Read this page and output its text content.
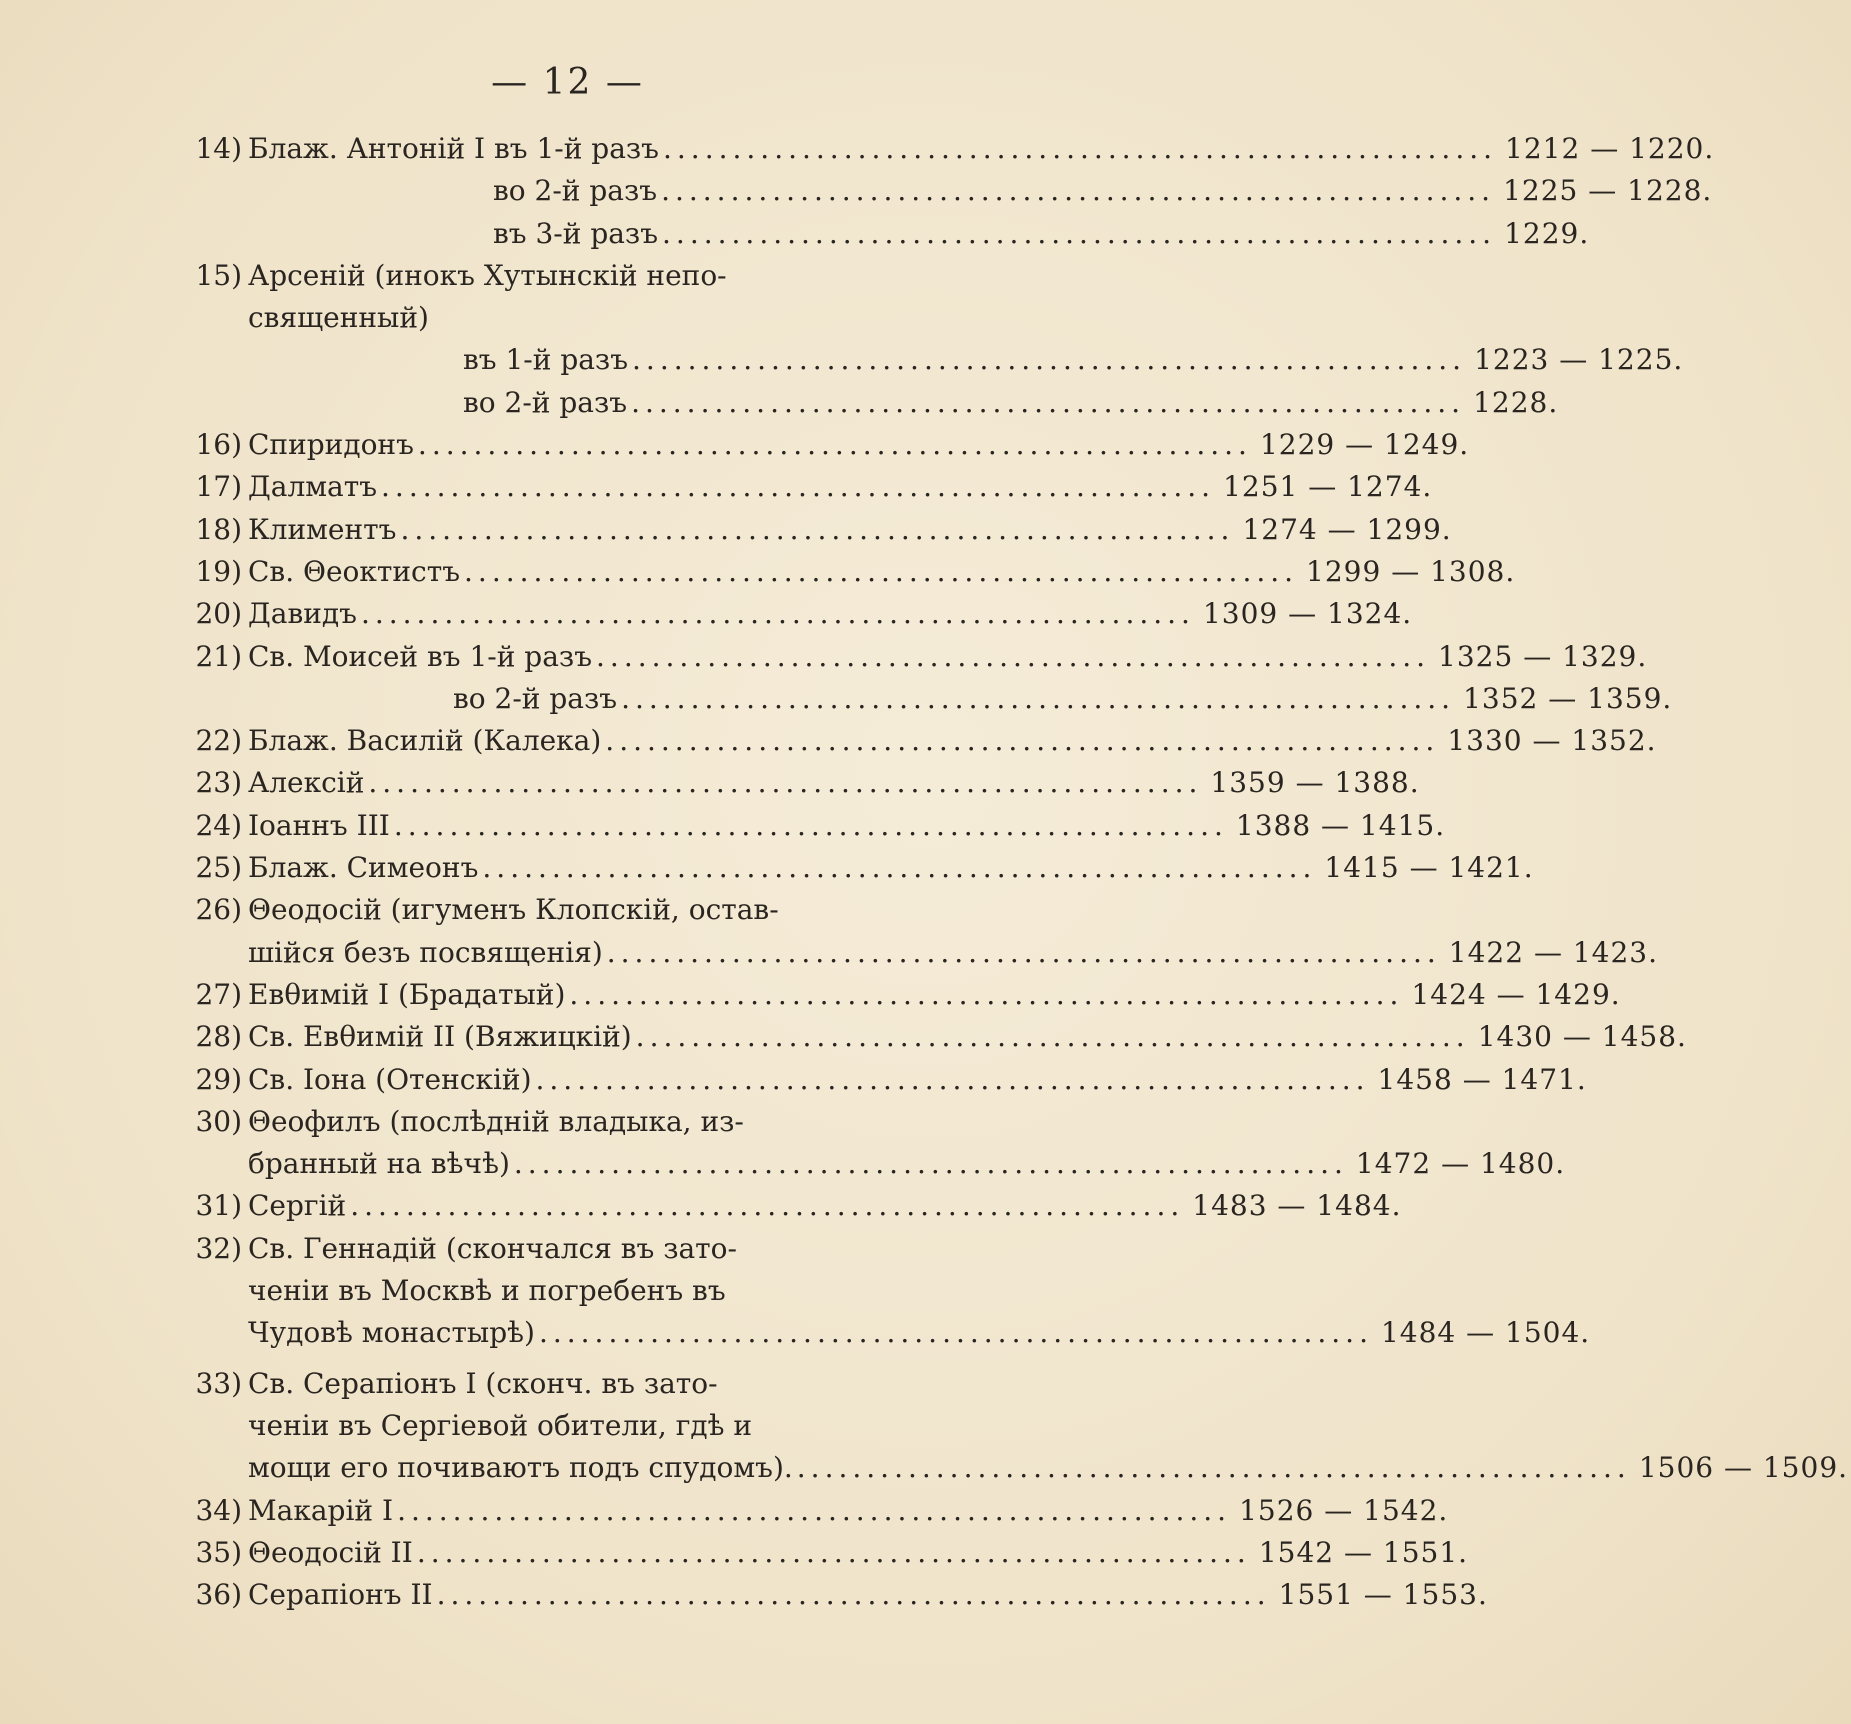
— 12 —
14) Блаж. Антоній I въ 1-й разъ ............................................................ 1212 — 1220.
во 2-й разъ ............................................................ 1225 — 1228.
въ 3-й разъ ............................................................ 1229.
15) Арсеній (инокъ Хутынскій непо-
священный)
въ 1-й разъ ............................................................ 1223 — 1225.
во 2-й разъ ............................................................ 1228.
16) Спиридонъ ............................................................ 1229 — 1249.
17) Далматъ ............................................................ 1251 — 1274.
18) Климентъ ............................................................ 1274 — 1299.
19) Св. Θеоктистъ ............................................................ 1299 — 1308.
20) Давидъ ............................................................ 1309 — 1324.
21) Св. Моисей въ 1-й разъ ............................................................ 1325 — 1329.
во 2-й разъ ............................................................ 1352 — 1359.
22) Блаж. Василій (Калека) ............................................................ 1330 — 1352.
23) Алексій ............................................................ 1359 — 1388.
24) Іоаннъ III ............................................................ 1388 — 1415.
25) Блаж. Симеонъ ............................................................ 1415 — 1421.
26) Θеодосій (игуменъ Клопскій, остав-
шійся безъ посвященія) ............................................................ 1422 — 1423.
27) Евθимій I (Брадатый) ............................................................ 1424 — 1429.
28) Св. Евθимій II (Вяжицкій) ............................................................ 1430 — 1458.
29) Св. Іона (Отенскій) ............................................................ 1458 — 1471.
30) Θеофилъ (послѣдній владыка, из-
бранный на вѣчѣ) ............................................................ 1472 — 1480.
31) Сергій ............................................................ 1483 — 1484.
32) Св. Геннадій (скончался въ зато-
ченіи въ Москвѣ и погребенъ въ
Чудовѣ монастырѣ) ............................................................ 1484 — 1504.
33) Св. Серапіонъ I (сконч. въ зато-
ченіи въ Сергіевой обители, гдѣ и
мощи его почиваютъ подъ спудомъ). ............................................................ 1506 — 1509.
34) Макарій I ............................................................ 1526 — 1542.
35) Θеодосій II ............................................................ 1542 — 1551.
36) Серапіонъ II ............................................................ 1551 — 1553.
